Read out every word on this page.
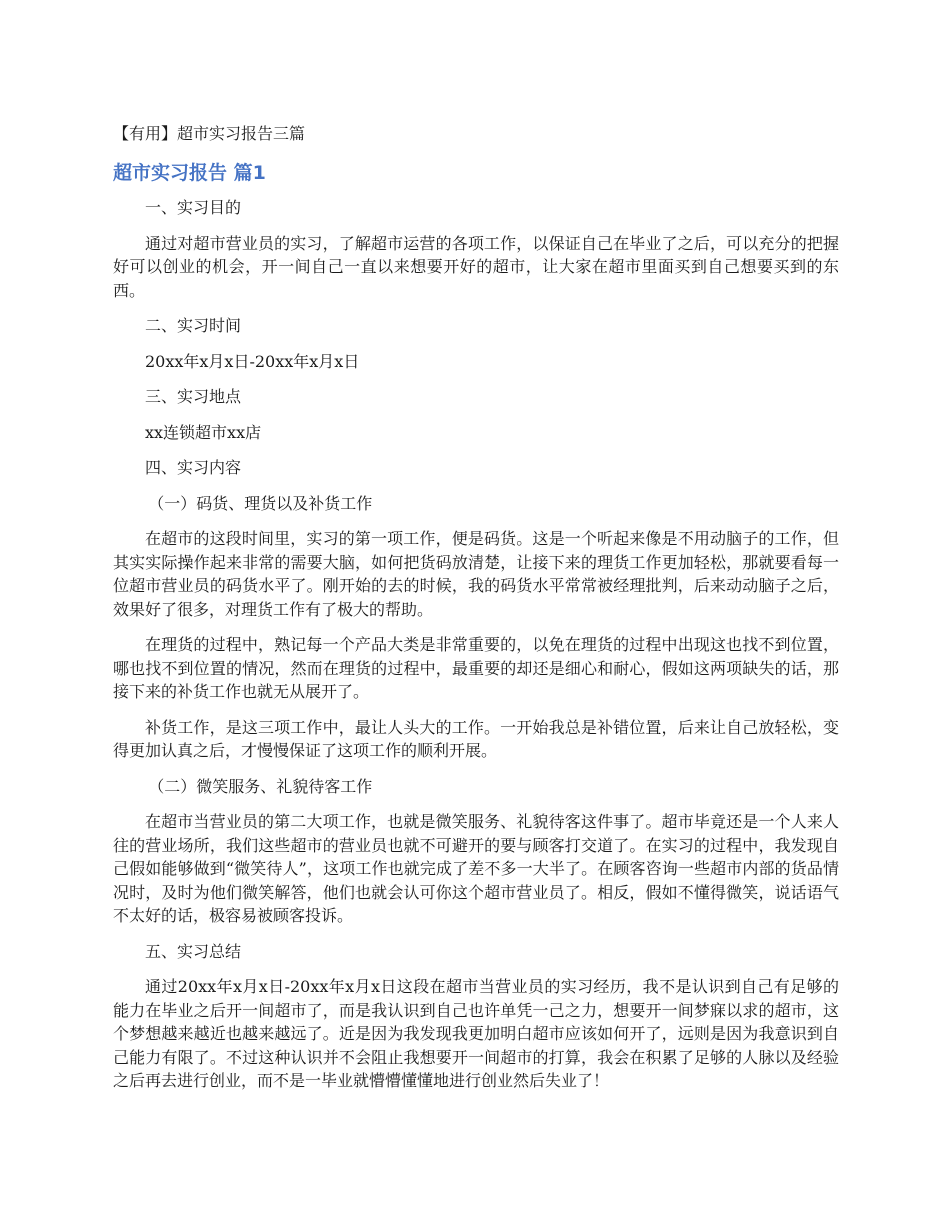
【有用】超市实习报告三篇
超市实习报告 篇1

一、实习目的

通过对超市营业员的实习，了解超市运营的各项工作，以保证自己在毕业了之后，可以充分的把握好可以创业的机会，开一间自己一直以来想要开好的超市，让大家在超市里面买到自己想要买到的东西。

二、实习时间

20xx年x月x日-20xx年x月x日

三、实习地点

xx连锁超市xx店

四、实习内容

（一）码货、理货以及补货工作

在超市的这段时间里，实习的第一项工作，便是码货。这是一个听起来像是不用动脑子的工作，但其实实际操作起来非常的需要大脑，如何把货码放清楚，让接下来的理货工作更加轻松，那就要看每一位超市营业员的码货水平了。刚开始的去的时候，我的码货水平常常被经理批判，后来动动脑子之后，效果好了很多，对理货工作有了极大的帮助。

在理货的过程中，熟记每一个产品大类是非常重要的，以免在理货的过程中出现这也找不到位置，哪也找不到位置的情况，然而在理货的过程中，最重要的却还是细心和耐心，假如这两项缺失的话，那接下来的补货工作也就无从展开了。

补货工作，是这三项工作中，最让人头大的工作。一开始我总是补错位置，后来让自己放轻松，变得更加认真之后，才慢慢保证了这项工作的顺利开展。

（二）微笑服务、礼貌待客工作

在超市当营业员的第二大项工作，也就是微笑服务、礼貌待客这件事了。超市毕竟还是一个人来人往的营业场所，我们这些超市的营业员也就不可避开的要与顾客打交道了。在实习的过程中，我发现自己假如能够做到“微笑待人”，这项工作也就完成了差不多一大半了。在顾客咨询一些超市内部的货品情况时，及时为他们微笑解答，他们也就会认可你这个超市营业员了。相反，假如不懂得微笑，说话语气不太好的话，极容易被顾客投诉。

五、实习总结

通过20xx年x月x日-20xx年x月x日这段在超市当营业员的实习经历，我不是认识到自己有足够的能力在毕业之后开一间超市了，而是我认识到自己也许单凭一己之力，想要开一间梦寐以求的超市，这个梦想越来越近也越来越远了。近是因为我发现我更加明白超市应该如何开了，远则是因为我意识到自己能力有限了。不过这种认识并不会阻止我想要开一间超市的打算，我会在积累了足够的人脉以及经验之后再去进行创业，而不是一毕业就懵懵懂懂地进行创业然后失业了！
